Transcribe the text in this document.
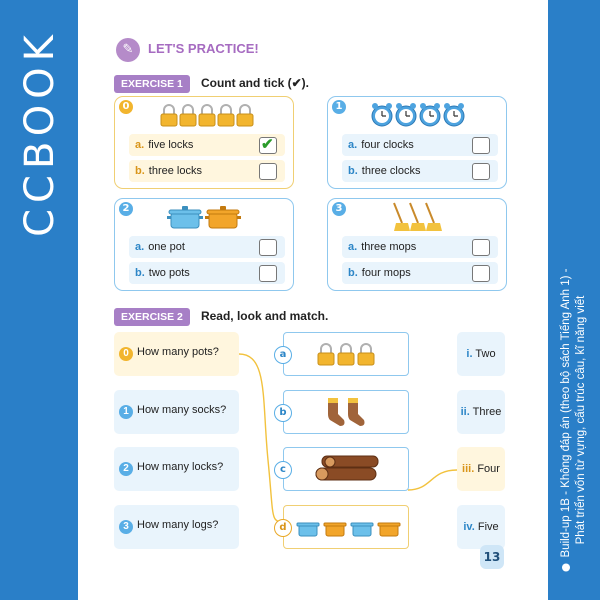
CCBOOK
Build-up 1B - Không đáp án (theo bộ sách Tiếng Anh 1) - Phát triển vốn từ vựng, cấu trúc câu, kĩ năng viết
✎	LET'S PRACTICE!
EXERCISE 1 Count and tick (✔).
0
a. five locks	✔
b. three locks
1
a. four clocks
b. three clocks
2
a. one pot
b. two pots
3
a. three mops
b. four mops
EXERCISE 2 Read, look and match.
0 How many pots?
1 How many socks?
2 How many locks?
3 How many logs?
a
b
c
d
i. Two
ii. Three
iii. Four
iv. Five
13
